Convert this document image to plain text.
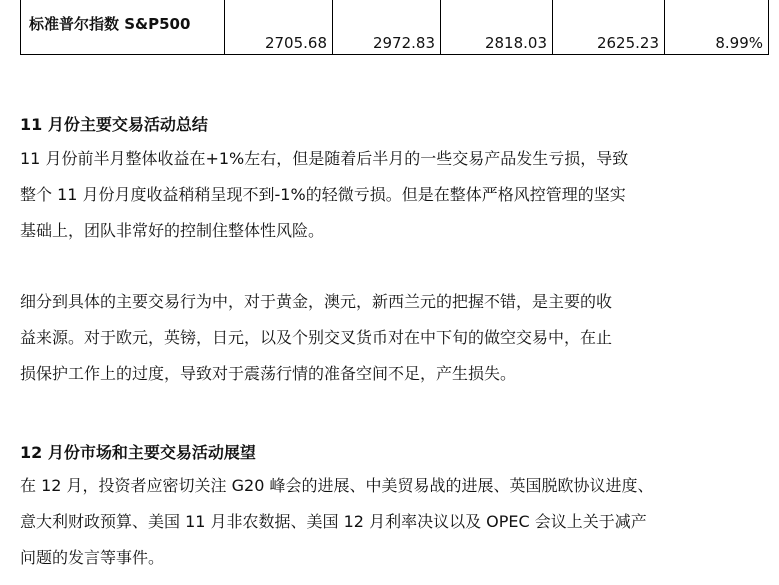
标准普尔指数 S&P500	2705.68	2972.83	2818.03	2625.23	8.99%
11 月份主要交易活动总结
11 月份前半月整体收益在+1%左右，但是随着后半月的一些交易产品发生亏损，导致
整个 11 月份月度收益稍稍呈现不到-1%的轻微亏损。但是在整体严格风控管理的坚实
基础上，团队非常好的控制住整体性风险。
细分到具体的主要交易行为中，对于黄金，澳元，新西兰元的把握不错，是主要的收
益来源。对于欧元，英镑，日元，以及个别交叉货币对在中下旬的做空交易中，在止
损保护工作上的过度，导致对于震荡行情的准备空间不足，产生损失。
12 月份市场和主要交易活动展望
在 12 月，投资者应密切关注 G20 峰会的进展、中美贸易战的进展、英国脱欧协议进度、
意大利财政预算、美国 11 月非农数据、美国 12 月利率决议以及 OPEC 会议上关于减产
问题的发言等事件。
